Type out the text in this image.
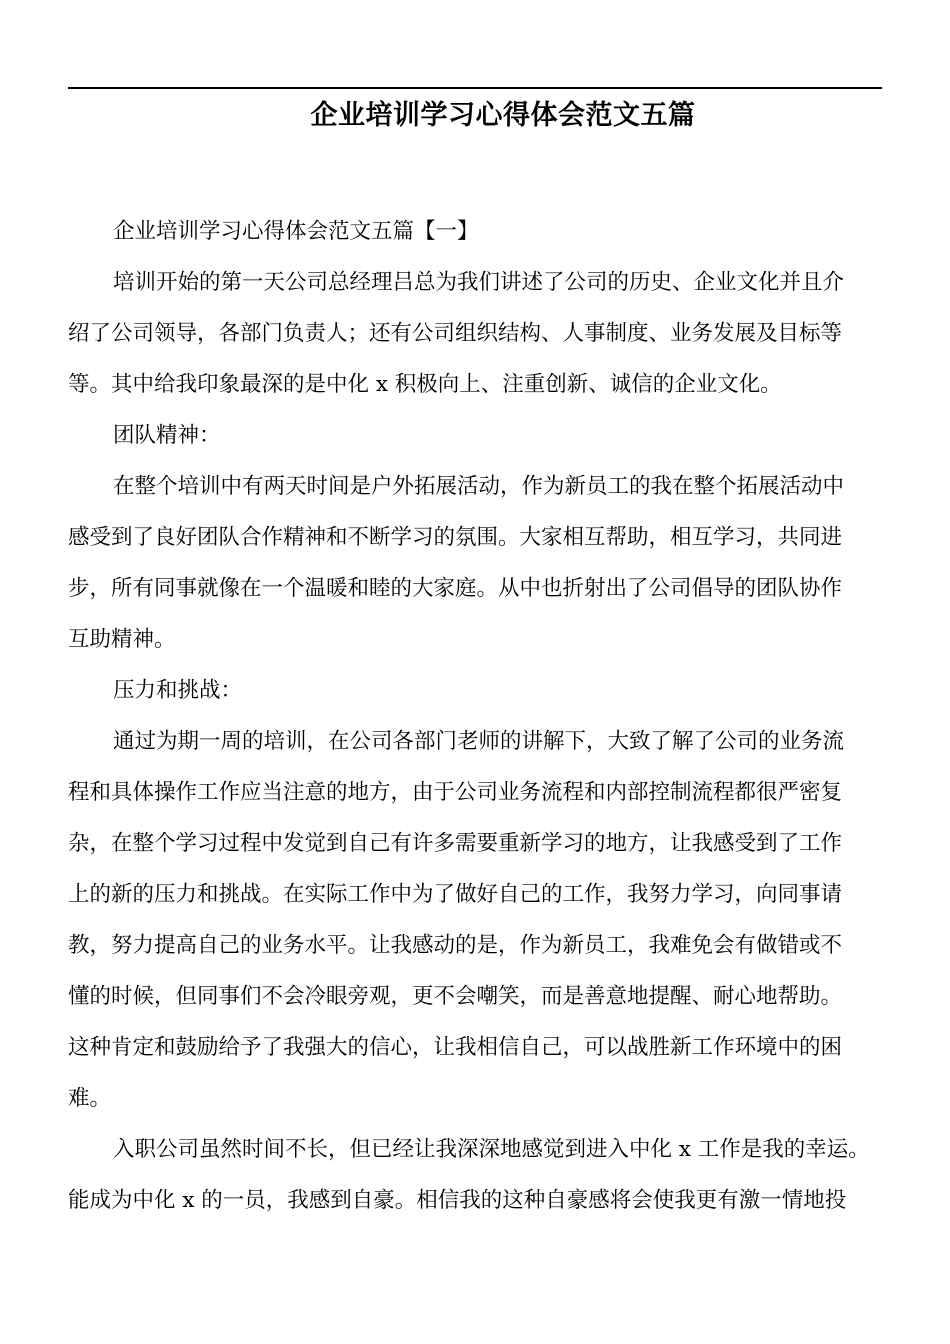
企业培训学习心得体会范文五篇
企业培训学习心得体会范文五篇【一】
培训开始的第一天公司总经理吕总为我们讲述了公司的历史、企业文化并且介
绍了公司领导，各部门负责人；还有公司组织结构、人事制度、业务发展及目标等
等。其中给我印象最深的是中化 x 积极向上、注重创新、诚信的企业文化。
团队精神：
在整个培训中有两天时间是户外拓展活动，作为新员工的我在整个拓展活动中
感受到了良好团队合作精神和不断学习的氛围。大家相互帮助，相互学习，共同进
步，所有同事就像在一个温暖和睦的大家庭。从中也折射出了公司倡导的团队协作
互助精神。
压力和挑战：
通过为期一周的培训，在公司各部门老师的讲解下，大致了解了公司的业务流
程和具体操作工作应当注意的地方，由于公司业务流程和内部控制流程都很严密复
杂，在整个学习过程中发觉到自己有许多需要重新学习的地方，让我感受到了工作
上的新的压力和挑战。在实际工作中为了做好自己的工作，我努力学习，向同事请
教，努力提高自己的业务水平。让我感动的是，作为新员工，我难免会有做错或不
懂的时候，但同事们不会冷眼旁观，更不会嘲笑，而是善意地提醒、耐心地帮助。
这种肯定和鼓励给予了我强大的信心，让我相信自己，可以战胜新工作环境中的困
难。
入职公司虽然时间不长，但已经让我深深地感觉到进入中化 x 工作是我的幸运。
能成为中化 x 的一员，我感到自豪。相信我的这种自豪感将会使我更有激一情地投
